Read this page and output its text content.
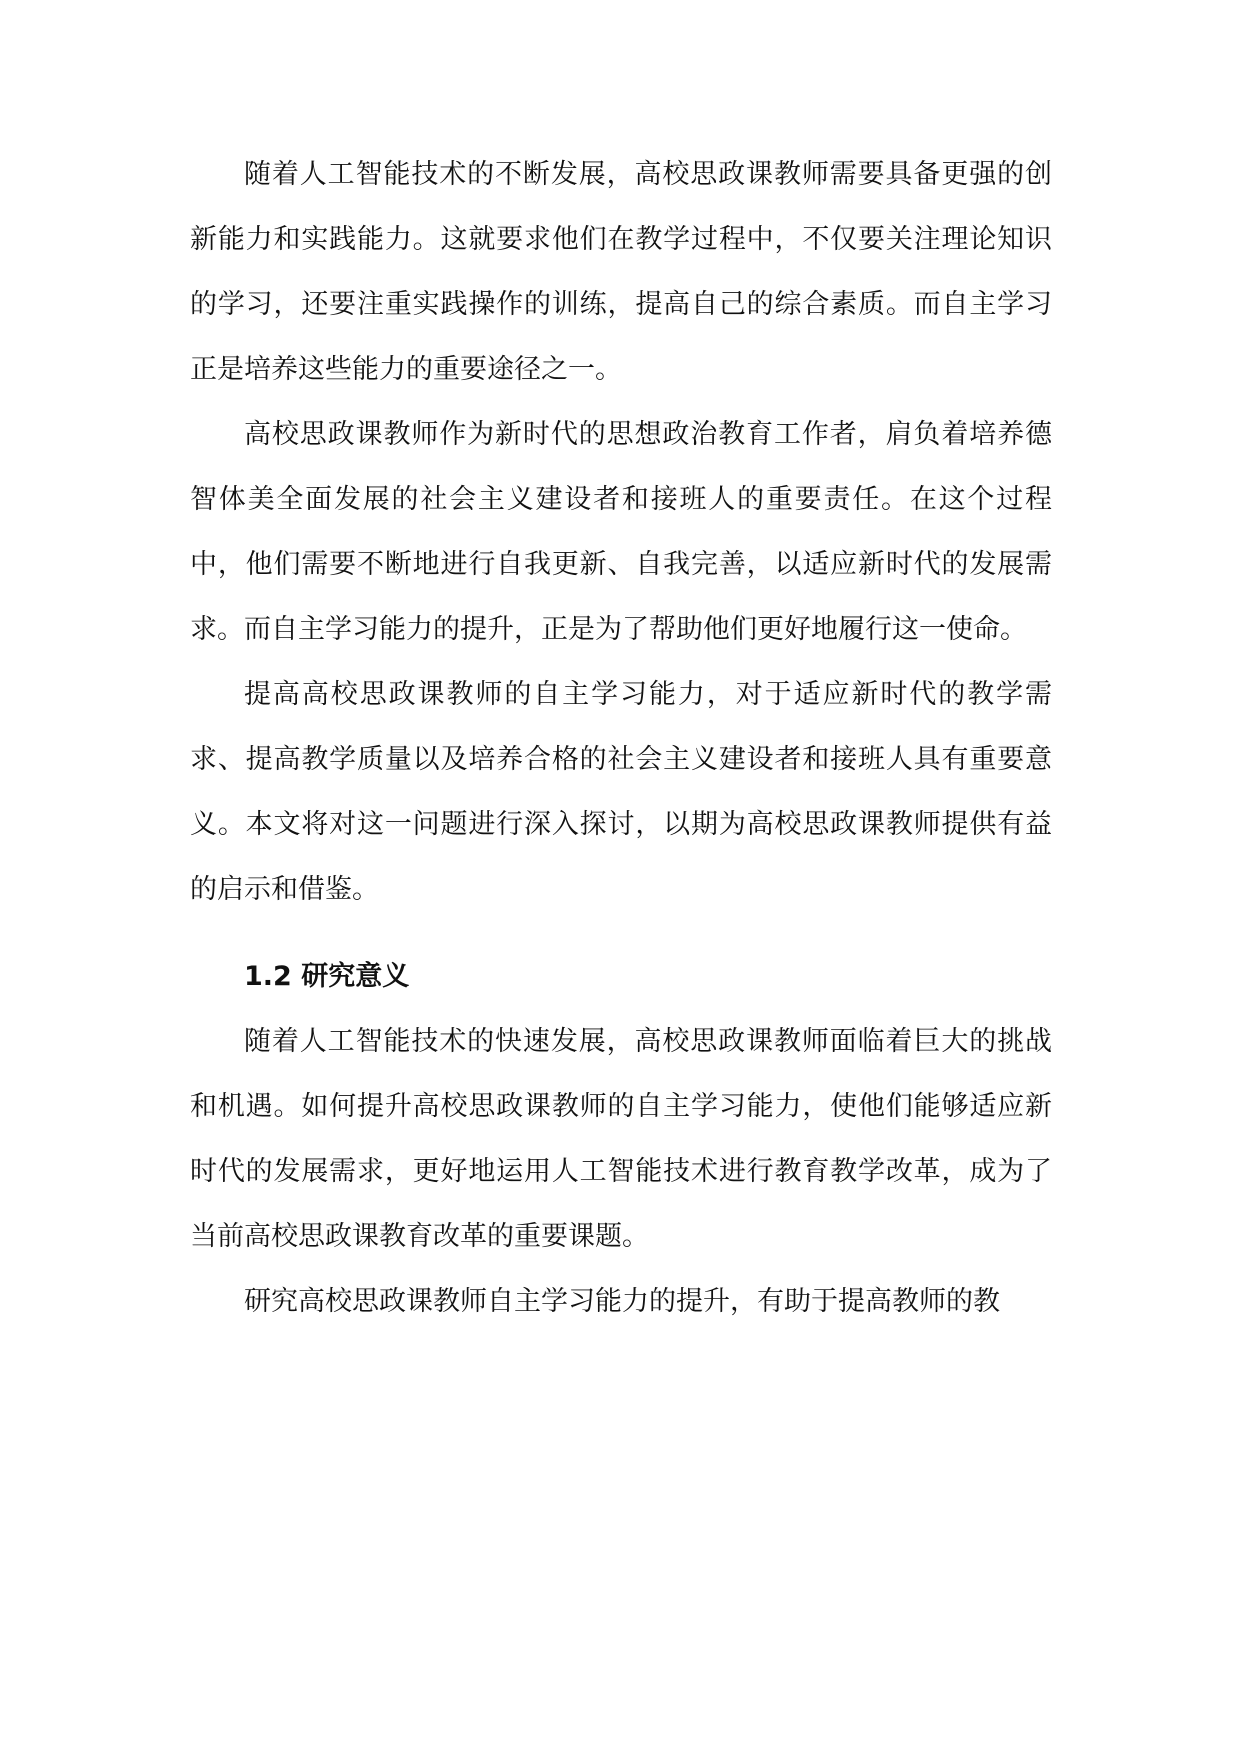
随着人工智能技术的不断发展，高校思政课教师需要具备更强的创新能力和实践能力。这就要求他们在教学过程中，不仅要关注理论知识的学习，还要注重实践操作的训练，提高自己的综合素质。而自主学习正是培养这些能力的重要途径之一。

高校思政课教师作为新时代的思想政治教育工作者，肩负着培养德智体美全面发展的社会主义建设者和接班人的重要责任。在这个过程中，他们需要不断地进行自我更新、自我完善，以适应新时代的发展需求。而自主学习能力的提升，正是为了帮助他们更好地履行这一使命。

提高高校思政课教师的自主学习能力，对于适应新时代的教学需求、提高教学质量以及培养合格的社会主义建设者和接班人具有重要意义。本文将对这一问题进行深入探讨，以期为高校思政课教师提供有益的启示和借鉴。

1.2 研究意义

随着人工智能技术的快速发展，高校思政课教师面临着巨大的挑战和机遇。如何提升高校思政课教师的自主学习能力，使他们能够适应新时代的发展需求，更好地运用人工智能技术进行教育教学改革，成为了当前高校思政课教育改革的重要课题。

研究高校思政课教师自主学习能力的提升，有助于提高教师的教
